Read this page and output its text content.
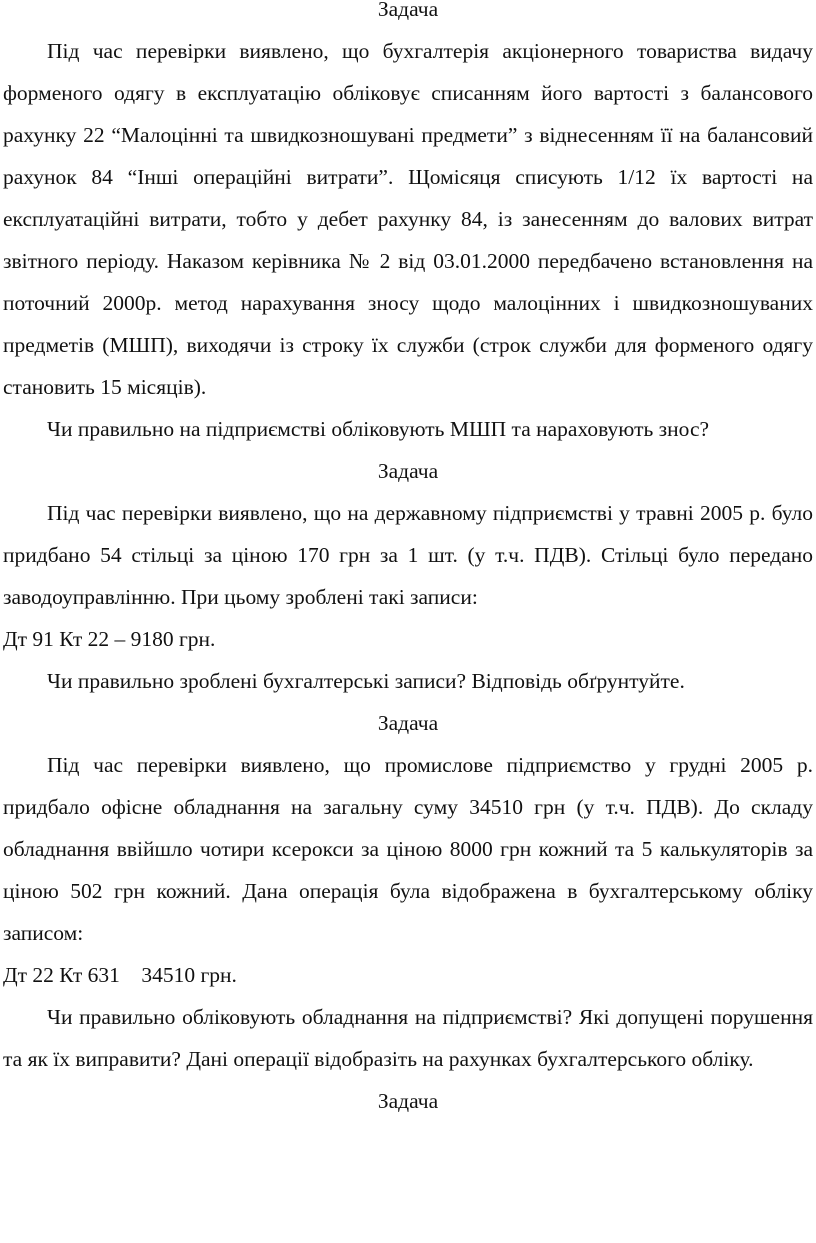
Задача

Під час перевірки виявлено, що бухгалтерія акціонерного товариства видачу форменого одягу в експлуатацію обліковує списанням його вартості з балансового рахунку 22 “Малоцінні та швидкозношувані предмети” з віднесенням її на балансовий рахунок 84 “Інші операційні витрати”. Щомісяця списують 1/12 їх вартості на експлуатаційні витрати, тобто у дебет рахунку 84, із занесенням до валових витрат звітного періоду. Наказом керівника № 2 від 03.01.2000 передбачено встановлення на поточний 2000р. метод нарахування зносу щодо малоцінних і швидкозношуваних предметів (МШП), виходячи із строку їх служби (строк служби для форменого одягу становить 15 місяців).

Чи правильно на підприємстві обліковують МШП та нараховують знос?

Задача

Під час перевірки виявлено, що на державному підприємстві у травні 2005 р. було придбано 54 стільці за ціною 170 грн за 1 шт. (у т.ч. ПДВ). Стільці було передано заводоуправлінню. При цьому зроблені такі записи:

Дт 91 Кт 22 – 9180 грн.

Чи правильно зроблені бухгалтерські записи? Відповідь обґрунтуйте.

Задача

Під час перевірки виявлено, що промислове підприємство у грудні 2005 р. придбало офісне обладнання на загальну суму 34510 грн (у т.ч. ПДВ). До складу обладнання ввійшло чотири ксерокси за ціною 8000 грн кожний та 5 калькуляторів за ціною 502 грн кожний. Дана операція була відображена в бухгалтерському обліку записом:

Дт 22 Кт 631    34510 грн.

Чи правильно обліковують обладнання на підприємстві? Які допущені порушення та як їх виправити? Дані операції відобразіть на рахунках бухгалтерського обліку.

Задача
